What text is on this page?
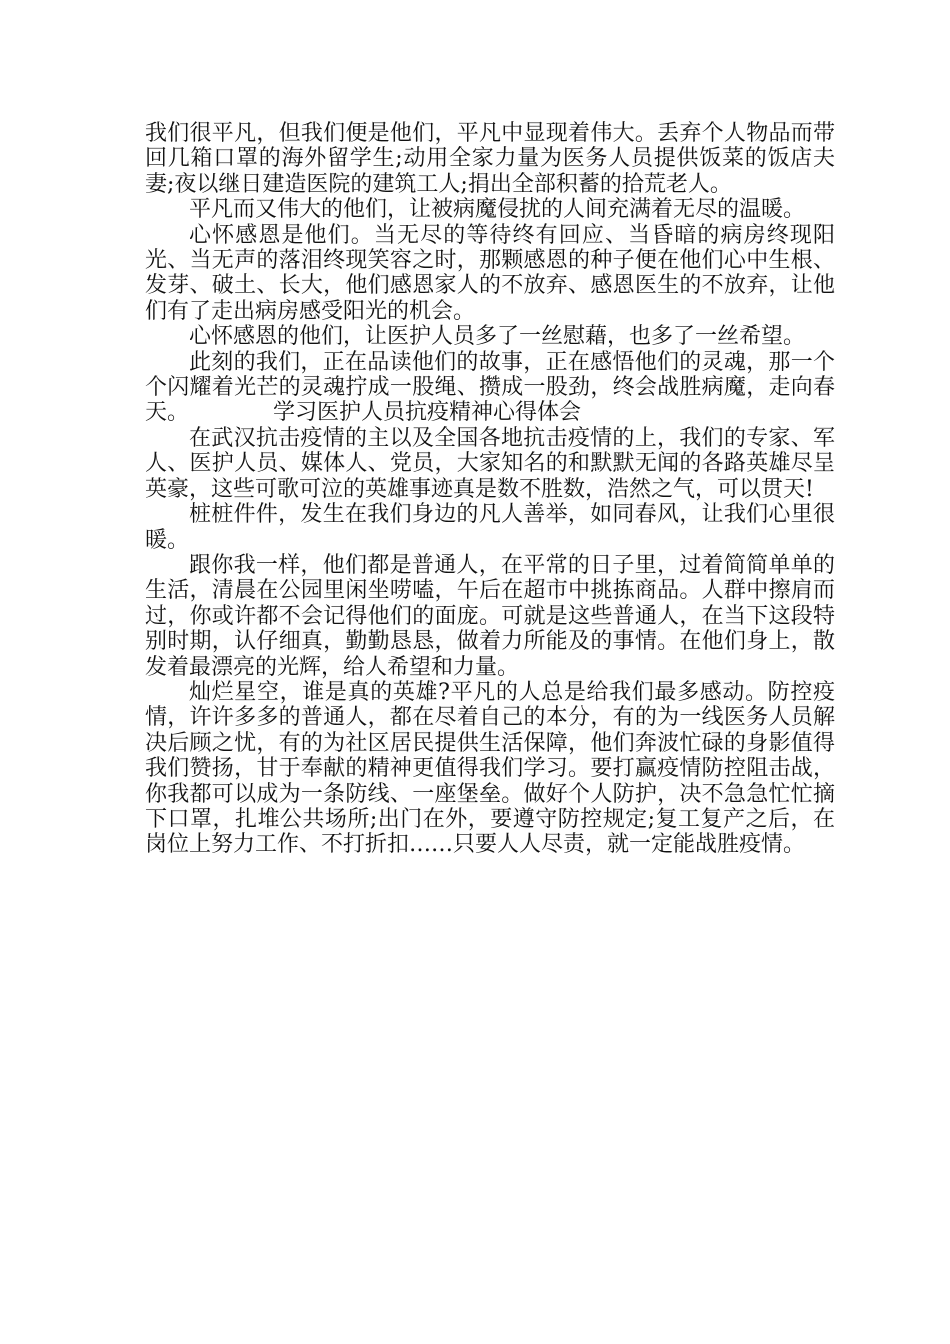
我们很平凡，但我们便是他们，平凡中显现着伟大。丢弃个人物品而带回几箱口罩的海外留学生;动用全家力量为医务人员提供饭菜的饭店夫妻;夜以继日建造医院的建筑工人;捐出全部积蓄的拾荒老人。

平凡而又伟大的他们，让被病魔侵扰的人间充满着无尽的温暖。

心怀感恩是他们。当无尽的等待终有回应、当昏暗的病房终现阳光、当无声的落泪终现笑容之时，那颗感恩的种子便在他们心中生根、发芽、破土、长大，他们感恩家人的不放弃、感恩医生的不放弃，让他们有了走出病房感受阳光的机会。

心怀感恩的他们，让医护人员多了一丝慰藉，也多了一丝希望。

此刻的我们，正在品读他们的故事，正在感悟他们的灵魂，那一个个闪耀着光芒的灵魂拧成一股绳、攒成一股劲，终会战胜病魔，走向春天。	学习医护人员抗疫精神心得体会

在武汉抗击疫情的主以及全国各地抗击疫情的上，我们的专家、军人、医护人员、媒体人、党员，大家知名的和默默无闻的各路英雄尽呈英豪，这些可歌可泣的英雄事迹真是数不胜数，浩然之气，可以贯天!

桩桩件件，发生在我们身边的凡人善举，如同春风，让我们心里很暖。

跟你我一样，他们都是普通人，在平常的日子里，过着简简单单的生活，清晨在公园里闲坐唠嗑，午后在超市中挑拣商品。人群中擦肩而过，你或许都不会记得他们的面庞。可就是这些普通人，在当下这段特别时期，认仔细真，勤勤恳恳，做着力所能及的事情。在他们身上，散发着最漂亮的光辉，给人希望和力量。

灿烂星空，谁是真的英雄?平凡的人总是给我们最多感动。防控疫情，许许多多的普通人，都在尽着自己的本分，有的为一线医务人员解决后顾之忧，有的为社区居民提供生活保障，他们奔波忙碌的身影值得我们赞扬，甘于奉献的精神更值得我们学习。要打赢疫情防控阻击战，你我都可以成为一条防线、一座堡垒。做好个人防护，决不急急忙忙摘下口罩，扎堆公共场所;出门在外，要遵守防控规定;复工复产之后，在岗位上努力工作、不打折扣……只要人人尽责，就一定能战胜疫情。
